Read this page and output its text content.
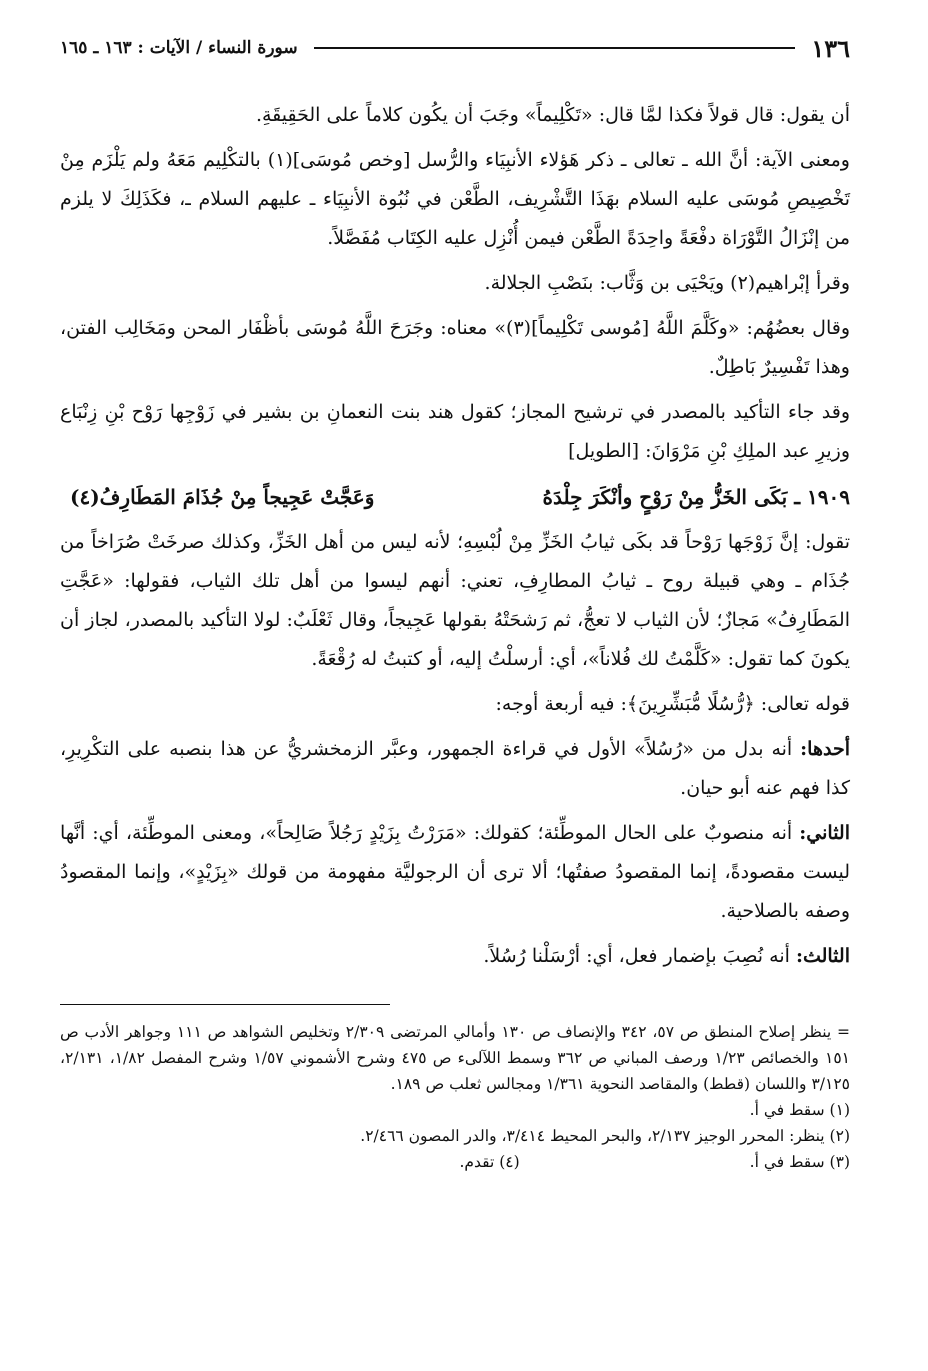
١٣٦
سورة النساء / الآيات : ١٦٣ ـ ١٦٥

أن يقول: قال قولاً فكذا لمَّا قال: «تَكْلِيماً» وجَبَ أن يكُون كلاماً على الحَقِيقَةِ.

ومعنى الآية: أنَّ الله ـ تعالى ـ ذكر هَؤلاء الأنبِيَاء والرُّسل [وخص مُوسَى](١) بالتكْلِيم مَعَهُ ولم يَلْزَم مِنْ تَخْصِيصِ مُوسَى عليه السلام بهَذَا التَّشْرِيف، الطَّعْن في نُبُوة الأنبِيَاء ـ عليهم السلام ـ، فكَذَلِكَ لا يلزم من إنْزَالُ التَّوْرَاة دفْعَةً واحِدَةً الطَّعْن فيمن أُنْزِل عليه الكِتَاب مُفَصَّلاً.

وقرأ إبْراهيم(٢) ويَحْيَى بن وَثَّاب: بنَصْبِ الجلالة.

وقال بعضُهُم: «وكَلَّمَ اللَّهُ [مُوسى تَكْلِيماً](٣)» معناه: وجَرَحَ اللَّهُ مُوسَى بأظْفَار المحن ومَخَالِب الفتن، وهذا تَفْسِيرٌ بَاطِلٌ.

وقد جاء التأكيد بالمصدر في ترشيح المجاز؛ كقول هند بنت النعمانِ بن بشير في زَوْجِها رَوْح بْنِ زِنْبَاع وزيرِ عبد الملِكِ بْنِ مَرْوَانَ: [الطويل]

١٩٠٩ ـ بَكَى الخَزُّ مِنْ رَوْحٍ وأنْكَرَ جِلْدَهُ
وَعَجَّتْ عَجِيجاً مِنْ جُذَامَ المَطَارِفُ(٤)

تقول: إنَّ زَوْجَها رَوْحاً قد بكَى ثيابُ الخَزِّ مِنْ لُبْسِهِ؛ لأنه ليس من أهل الخَزِّ، وكذلك صرخَتْ صُرَاخاً من جُذَام ـ وهي قبيلة روح ـ ثيابُ المطارِفِ، تعني: أنهم ليسوا من أهل تلك الثياب، فقولها: «عَجَّتِ المَطَارِفُ» مَجازٌ؛ لأن الثياب لا تعجُّ، ثم رَشحَتْهُ بقولها عَجِيجاً، وقال ثَعْلَبٌ: لولا التأكيد بالمصدر، لجاز أن يكونَ كما تقول: «كَلَّمْتُ لك فُلاناً»، أي: أرسلْتُ إليه، أو كتبتُ له رُقْعَةً.

قوله تعالى: ﴿رُّسُلًا مُّبَشِّرِينَ﴾: فيه أربعة أوجه:

أحدها: أنه بدل من «رُسُلاً» الأول في قراءة الجمهور، وعبَّر الزمخشريُّ عن هذا بنصبه على التكْرِيرِ، كذا فهم عنه أبو حيان.

الثاني: أنه منصوبٌ على الحال الموطِّئة؛ كقولك: «مَرَرْتُ بِزَيْدٍ رَجُلاً صَالِحاً»، ومعنى الموطِّئة، أي: أنَّها ليست مقصودةً، إنما المقصودُ صفتُها؛ ألا ترى أن الرجوليَّة مفهومة من قولك «بِزَيْدٍ»، وإنما المقصودُ وصفه بالصلاحية.

الثالث: أنه نُصِبَ بإضمار فعل، أي: أرْسَلْنا رُسُلاً.

= ينظر إصلاح المنطق ص ٥٧، ٣٤٢ والإنصاف ص ١٣٠ وأمالي المرتضى ٢/٣٠٩ وتخليص الشواهد ص ١١١ وجواهر الأدب ص ١٥١ والخصائص ١/٢٣ ورصف المباني ص ٣٦٢ وسمط اللآلىء ص ٤٧٥ وشرح الأشموني ١/٥٧ وشرح المفصل ١/٨٢، ٢/١٣١، ٣/١٢٥ واللسان (قطط) والمقاصد النحوية ١/٣٦١ ومجالس ثعلب ص ١٨٩.

(١) سقط في أ.

(٢) ينظر: المحرر الوجيز ٢/١٣٧، والبحر المحيط ٣/٤١٤، والدر المصون ٢/٤٦٦.

(٣) سقط في أ.
(٤) تقدم.
